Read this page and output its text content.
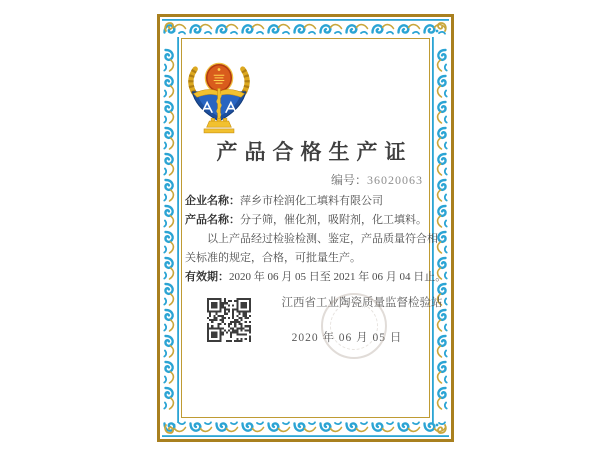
产品合格生产证
编号：36020063
企业名称：萍乡市栓润化工填料有限公司
产品名称：分子筛，催化剂，吸附剂，化工填料。
以上产品经过检验检测、鉴定，产品质量符合相
关标准的规定，合格，可批量生产。
有效期：2020 年 06 月 05 日至 2021 年 06 月 04 日止。
江西省工业陶瓷质量监督检验站
2020 年 06 月 05 日
